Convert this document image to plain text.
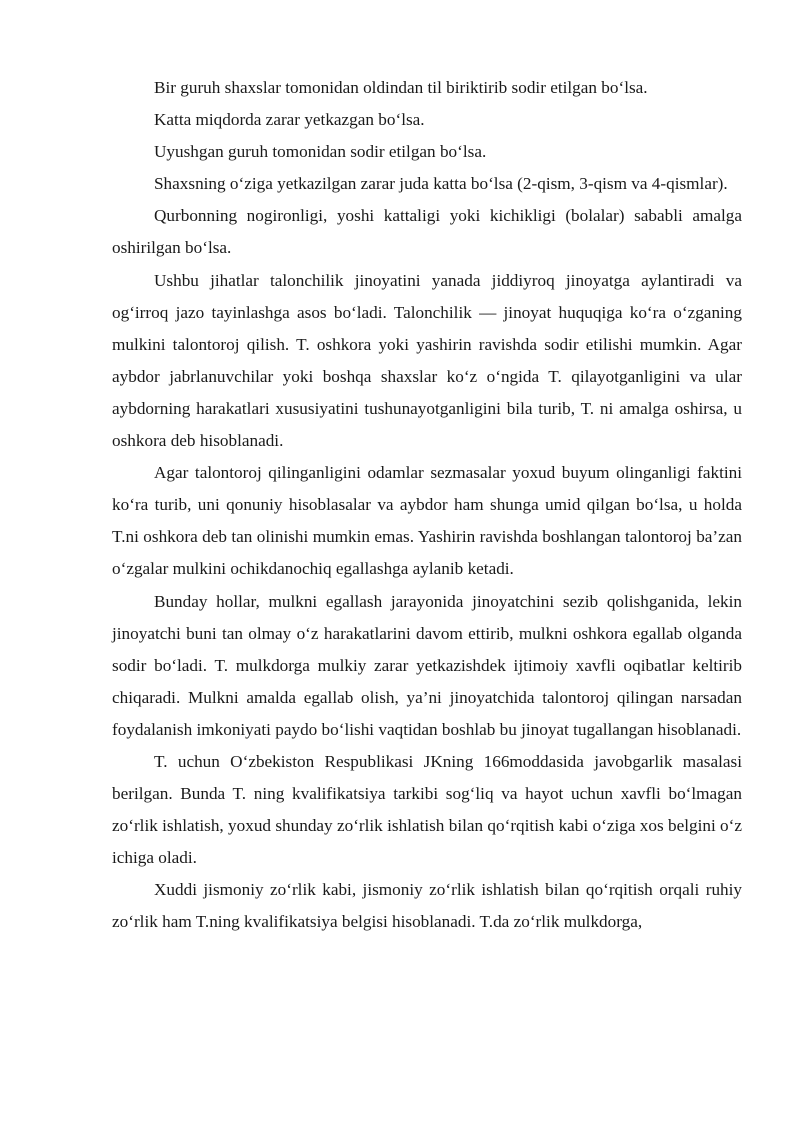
Bir guruh shaxslar tomonidan oldindan til biriktirib sodir etilgan bo‘lsa.

Katta miqdorda zarar yetkazgan bo‘lsa.

Uyushgan guruh tomonidan sodir etilgan bo‘lsa.

Shaxsning o‘ziga yetkazilgan zarar juda katta bo‘lsa (2-qism, 3-qism va 4-qismlar).

Qurbonning nogironligi, yoshi kattaligi yoki kichikligi (bolalar) sababli amalga oshirilgan bo‘lsa.

Ushbu jihatlar talonchilik jinoyatini yanada jiddiyroq jinoyatga aylantiradi va og‘irroq jazo tayinlashga asos bo‘ladi. Talonchilik — jinoyat huquqiga ko‘ra o‘zganing mulkini talontoroj qilish. T. oshkora yoki yashirin ravishda sodir etilishi mumkin. Agar aybdor jabrlanuvchilar yoki boshqa shaxslar ko‘z o‘ngida T. qilayotganligini va ular aybdorning harakatlari xususiyatini tushunayotganligini bila turib, T. ni amalga oshirsa, u oshkora deb hisoblanadi.

Agar talontoroj qilinganligini odamlar sezmasalar yoxud buyum olinganligi faktini ko‘ra turib, uni qonuniy hisoblasalar va aybdor ham shunga umid qilgan bo‘lsa, u holda T.ni oshkora deb tan olinishi mumkin emas. Yashirin ravishda boshlangan talontoroj ba’zan o‘zgalar mulkini ochikdanochiq egallashga aylanib ketadi.

Bunday hollar, mulkni egallash jarayonida jinoyatchini sezib qolishganida, lekin jinoyatchi buni tan olmay o‘z harakatlarini davom ettirib, mulkni oshkora egallab olganda sodir bo‘ladi. T. mulkdorga mulkiy zarar yetkazishdek ijtimoiy xavfli oqibatlar keltirib chiqaradi. Mulkni amalda egallab olish, ya’ni jinoyatchida talontoroj qilingan narsadan foydalanish imkoniyati paydo bo‘lishi vaqtidan boshlab bu jinoyat tugallangan hisoblanadi.

T. uchun O‘zbekiston Respublikasi JKning 166moddasida javobgarlik masalasi berilgan. Bunda T. ning kvalifikatsiya tarkibi sog‘liq va hayot uchun xavfli bo‘lmagan zo‘rlik ishlatish, yoxud shunday zo‘rlik ishlatish bilan qo‘rqitish kabi o‘ziga xos belgini o‘z ichiga oladi.

Xuddi jismoniy zo‘rlik kabi, jismoniy zo‘rlik ishlatish bilan qo‘rqitish orqali ruhiy zo‘rlik ham T.ning kvalifikatsiya belgisi hisoblanadi. T.da zo‘rlik mulkdorga,
